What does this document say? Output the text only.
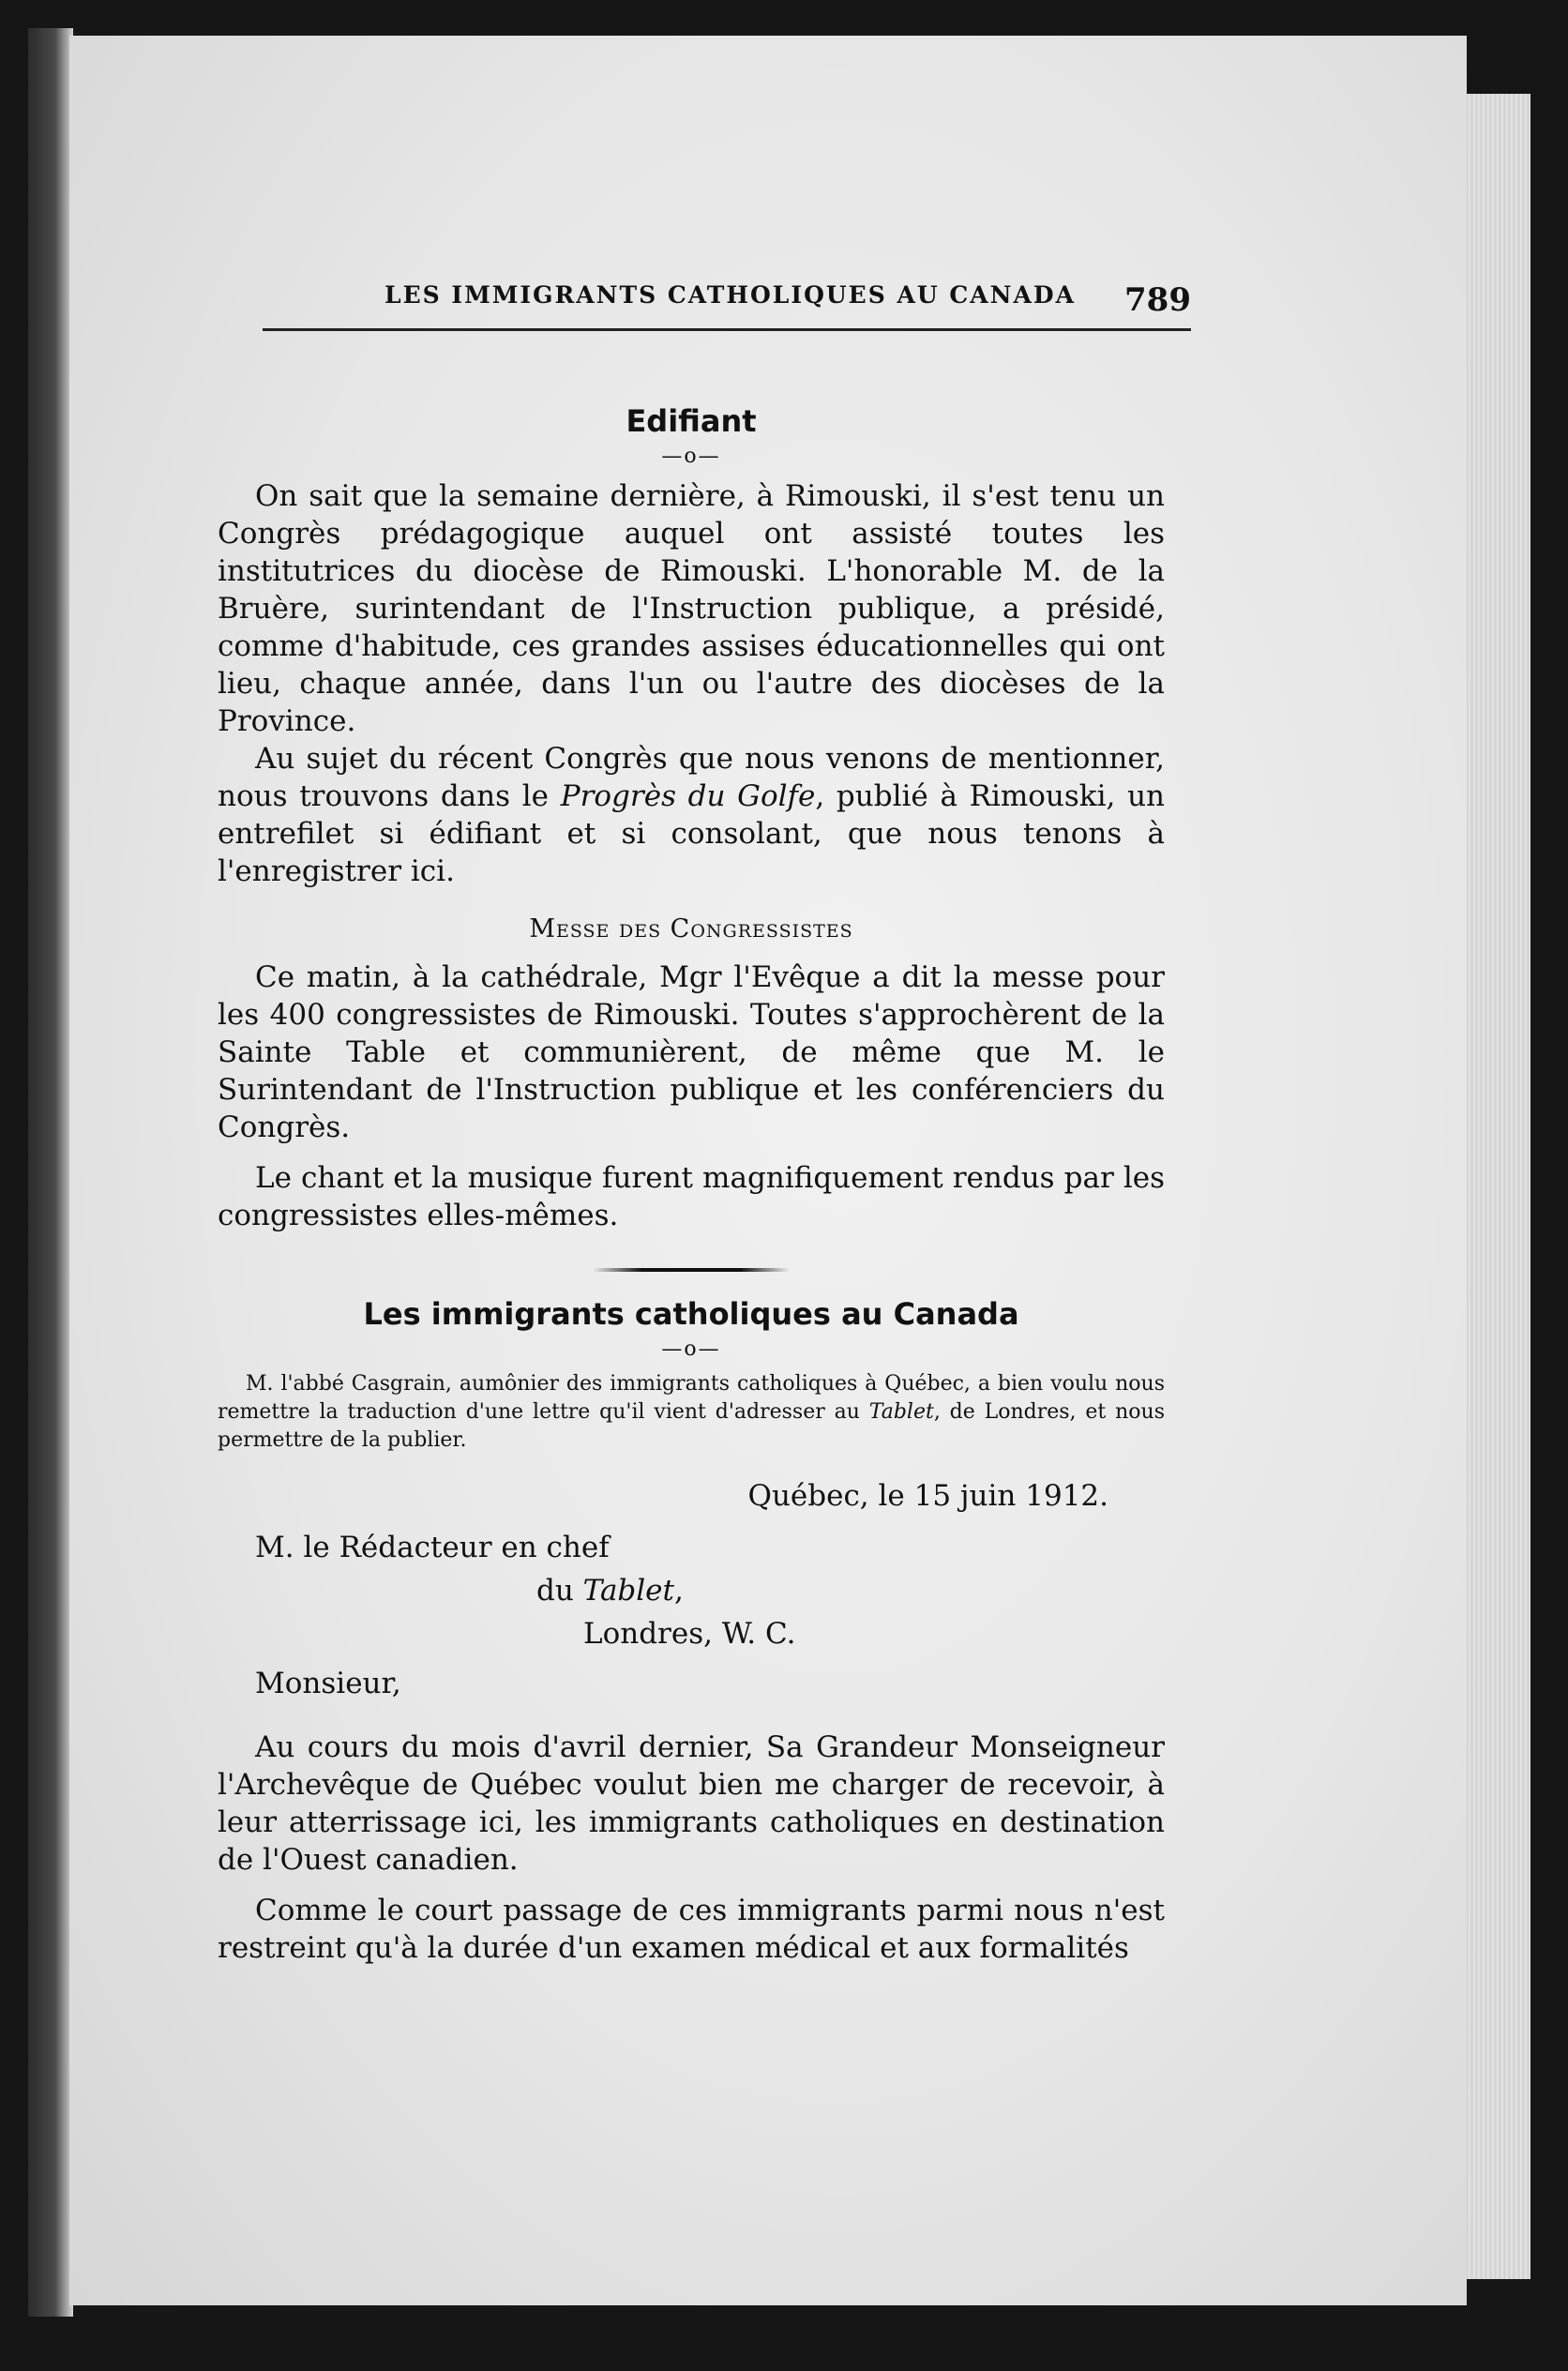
LES IMMIGRANTS CATHOLIQUES AU CANADA 789
Edifiant
—o—

On sait que la semaine dernière, à Rimouski, il s'est tenu un Congrès prédagogique auquel ont assisté toutes les institutrices du diocèse de Rimouski. L'honorable M. de la Bruère, surintendant de l'Instruction publique, a présidé, comme d'habitude, ces grandes assises éducationnelles qui ont lieu, chaque année, dans l'un ou l'autre des diocèses de la Province.

Au sujet du récent Congrès que nous venons de mentionner, nous trouvons dans le Progrès du Golfe, publié à Rimouski, un entrefilet si édifiant et si consolant, que nous tenons à l'enregistrer ici.

Messe des Congressistes

Ce matin, à la cathédrale, Mgr l'Evêque a dit la messe pour les 400 congressistes de Rimouski. Toutes s'approchèrent de la Sainte Table et communièrent, de même que M. le Surintendant de l'Instruction publique et les conférenciers du Congrès.

Le chant et la musique furent magnifiquement rendus par les congressistes elles-mêmes.

Les immigrants catholiques au Canada
—o—

M. l'abbé Casgrain, aumônier des immigrants catholiques à Québec, a bien voulu nous remettre la traduction d'une lettre qu'il vient d'adresser au Tablet, de Londres, et nous permettre de la publier.

Québec, le 15 juin 1912.

M. le Rédacteur en chef

du Tablet,

Londres, W. C.

Monsieur,

Au cours du mois d'avril dernier, Sa Grandeur Monseigneur l'Archevêque de Québec voulut bien me charger de recevoir, à leur atterrissage ici, les immigrants catholiques en destination de l'Ouest canadien.

Comme le court passage de ces immigrants parmi nous n'est restreint qu'à la durée d'un examen médical et aux formalités
